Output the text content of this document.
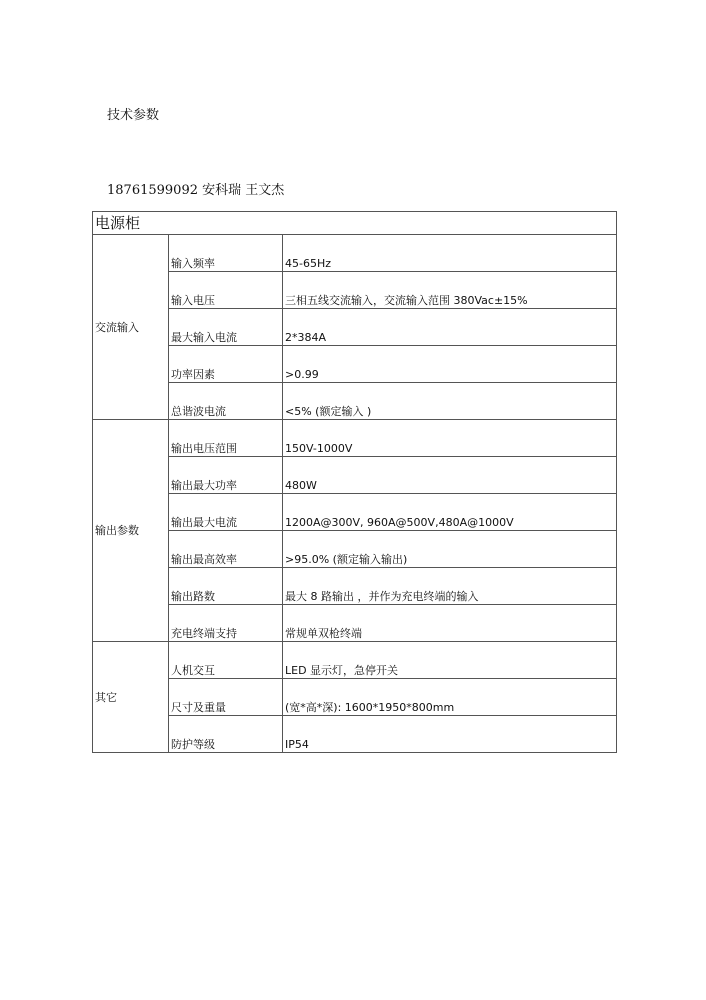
技术参数
18761599092 安科瑞 王文杰
电源柜		
交流输入	输入频率	45-65Hz
	输入电压	三相五线交流输入，交流输入范围 380Vac±15%
	最大输入电流	2*384A
	功率因素	>0.99
	总谐波电流	<5% (额定输入 )
输出参数	输出电压范围	150V-1000V
	输出最大功率	480W
	输出最大电流	1200A@300V, 960A@500V,480A@1000V
	输出最高效率	>95.0% (额定输入输出)
	输出路数	最大 8 路输出 ，并作为充电终端的输入
	充电终端支持	常规单双枪终端
其它	人机交互	LED 显示灯，急停开关
	尺寸及重量	(宽*高*深): 1600*1950*800mm
	防护等级	IP54
